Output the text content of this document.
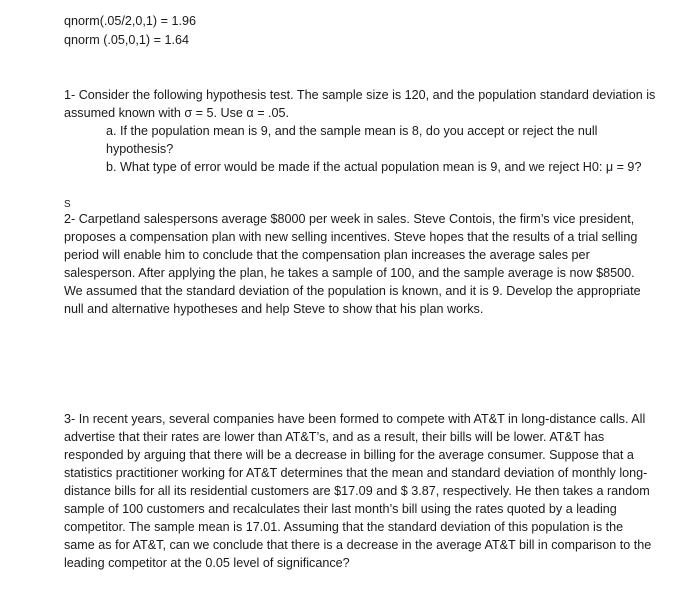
qnorm(.05/2,0,1) = 1.96
qnorm (.05,0,1) = 1.64

1- Consider the following hypothesis test. The sample size is 120, and the population standard deviation is assumed known with σ = 5. Use α = .05.

a. If the population mean is 9, and the sample mean is 8, do you accept or reject the null hypothesis?

b. What type of error would be made if the actual population mean is 9, and we reject H0: μ = 9?

S

2- Carpetland salespersons average $8000 per week in sales. Steve Contois, the firm’s vice president, proposes a compensation plan with new selling incentives. Steve hopes that the results of a trial selling period will enable him to conclude that the compensation plan increases the average sales per salesperson. After applying the plan, he takes a sample of 100, and the sample average is now $8500. We assumed that the standard deviation of the population is known, and it is 9. Develop the appropriate null and alternative hypotheses and help Steve to show that his plan works.

3- In recent years, several companies have been formed to compete with AT&T in long-distance calls. All advertise that their rates are lower than AT&T’s, and as a result, their bills will be lower. AT&T has responded by arguing that there will be a decrease in billing for the average consumer. Suppose that a statistics practitioner working for AT&T determines that the mean and standard deviation of monthly long-distance bills for all its residential customers are $17.09 and $ 3.87, respectively. He then takes a random sample of 100 customers and recalculates their last month’s bill using the rates quoted by a leading competitor. The sample mean is 17.01. Assuming that the standard deviation of this population is the same as for AT&T, can we conclude that there is a decrease in the average AT&T bill in comparison to the leading competitor at the 0.05 level of significance?
